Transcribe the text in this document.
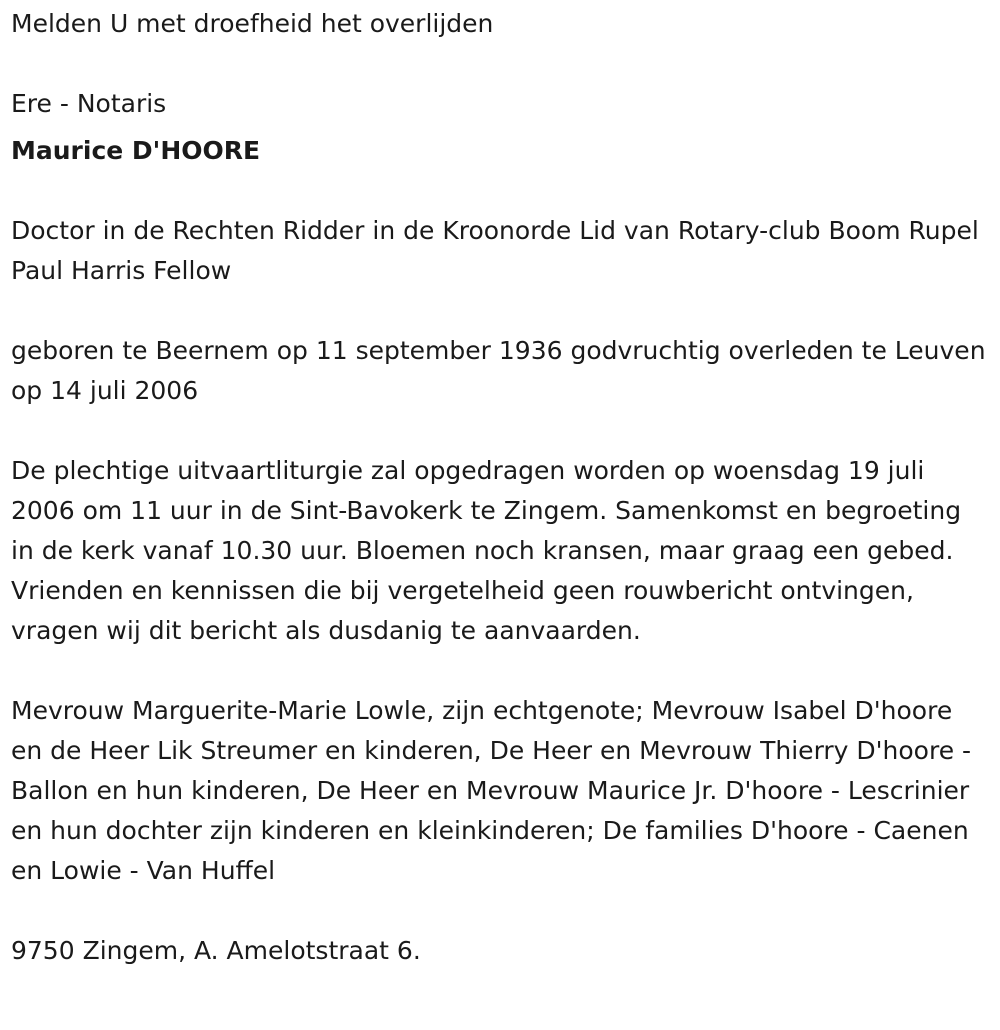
Melden U met droefheid het overlijden

Ere - Notaris

Maurice D'HOORE

Doctor in de Rechten Ridder in de Kroonorde Lid van Rotary-club Boom Rupel Paul Harris Fellow

geboren te Beernem op 11 september 1936 godvruchtig overleden te Leuven op 14 juli 2006

De plechtige uitvaartliturgie zal opgedragen worden op woensdag 19 juli 2006 om 11 uur in de Sint-Bavokerk te Zingem. Samenkomst en begroeting in de kerk vanaf 10.30 uur. Bloemen noch kransen, maar graag een gebed. Vrienden en kennissen die bij vergetelheid geen rouwbericht ontvingen, vragen wij dit bericht als dusdanig te aanvaarden.

Mevrouw Marguerite-Marie Lowle, zijn echtgenote; Mevrouw Isabel D'hoore en de Heer Lik Streumer en kinderen, De Heer en Mevrouw Thierry D'hoore - Ballon en hun kinderen, De Heer en Mevrouw Maurice Jr. D'hoore - Lescrinier en hun dochter zijn kinderen en kleinkinderen; De families D'hoore - Caenen en Lowie - Van Huffel

9750 Zingem, A. Amelotstraat 6.
